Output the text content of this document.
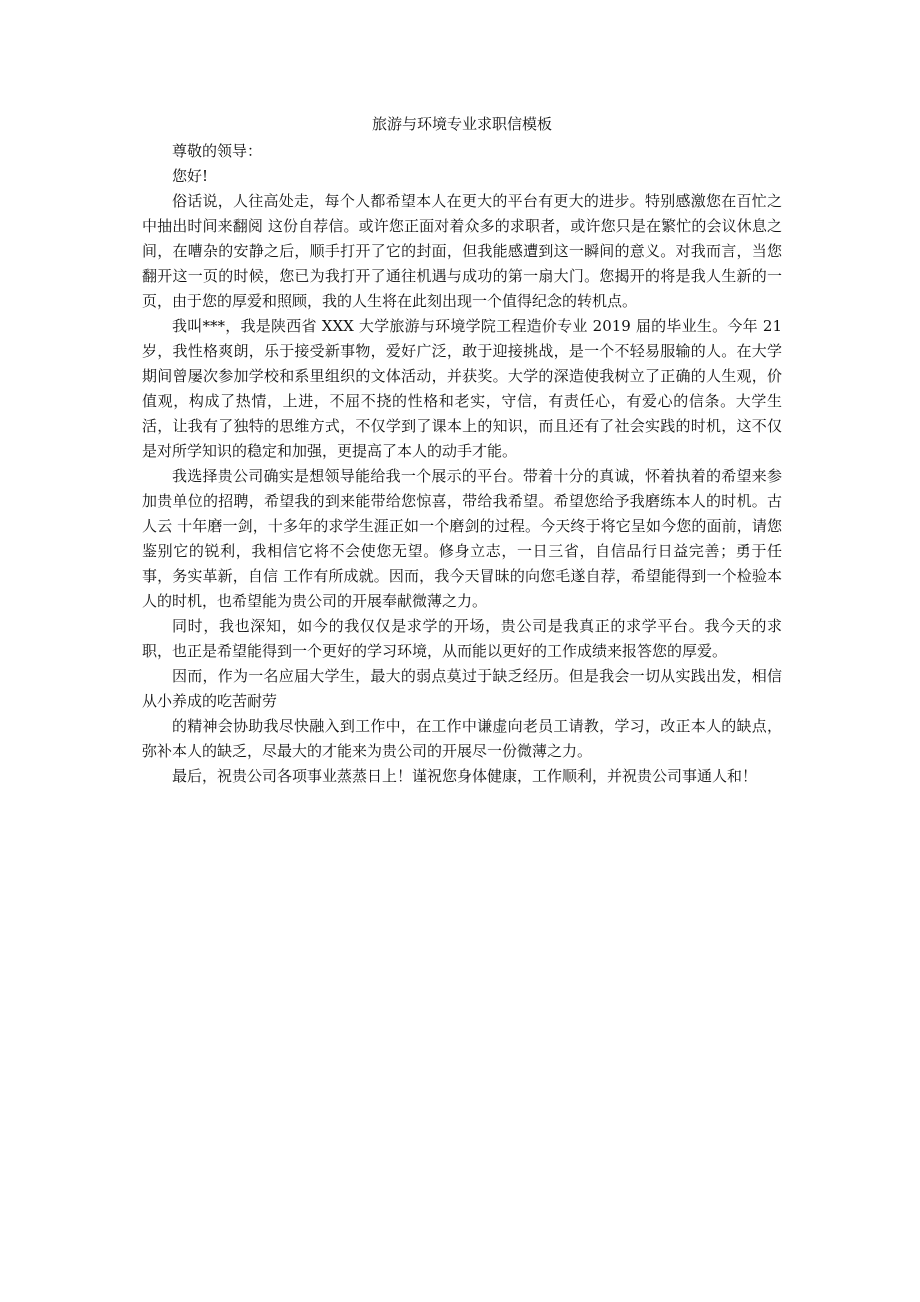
旅游与环境专业求职信模板

尊敬的领导：

您好!

俗话说，人往高处走，每个人都希望本人在更大的平台有更大的进步。特别感激您在百忙之中抽出时间来翻阅 这份自荐信。或许您正面对着众多的求职者，或许您只是在繁忙的会议休息之间，在嘈杂的安静之后，顺手打开了它的封面，但我能感遭到这一瞬间的意义。对我而言，当您翻开这一页的时候，您已为我打开了通往机遇与成功的第一扇大门。您揭开的将是我人生新的一页，由于您的厚爱和照顾，我的人生将在此刻出现一个值得纪念的转机点。

我叫***，我是陕西省 XXX 大学旅游与环境学院工程造价专业 2019 届的毕业生。今年 21 岁，我性格爽朗，乐于接受新事物，爱好广泛，敢于迎接挑战，是一个不轻易服输的人。在大学期间曾屡次参加学校和系里组织的文体活动，并获奖。大学的深造使我树立了正确的人生观，价值观，构成了热情，上进，不屈不挠的性格和老实，守信，有责任心，有爱心的信条。大学生活，让我有了独特的思维方式，不仅学到了课本上的知识，而且还有了社会实践的时机，这不仅是对所学知识的稳定和加强，更提高了本人的动手才能。

我选择贵公司确实是想领导能给我一个展示的平台。带着十分的真诚，怀着执着的希望来参加贵单位的招聘，希望我的到来能带给您惊喜，带给我希望。希望您给予我磨练本人的时机。古人云 十年磨一剑，十多年的求学生涯正如一个磨剑的过程。今天终于将它呈如今您的面前，请您鉴别它的锐利，我相信它将不会使您无望。修身立志，一日三省，自信品行日益完善；勇于任事，务实革新，自信 工作有所成就。因而，我今天冒昧的向您毛遂自荐，希望能得到一个检验本人的时机，也希望能为贵公司的开展奉献微薄之力。

同时，我也深知，如今的我仅仅是求学的开场，贵公司是我真正的求学平台。我今天的求职，也正是希望能得到一个更好的学习环境，从而能以更好的工作成绩来报答您的厚爱。

因而，作为一名应届大学生，最大的弱点莫过于缺乏经历。但是我会一切从实践出发，相信从小养成的吃苦耐劳

的精神会协助我尽快融入到工作中，在工作中谦虚向老员工请教，学习，改正本人的缺点，弥补本人的缺乏，尽最大的才能来为贵公司的开展尽一份微薄之力。

最后，祝贵公司各项事业蒸蒸日上！谨祝您身体健康，工作顺利，并祝贵公司事通人和！
